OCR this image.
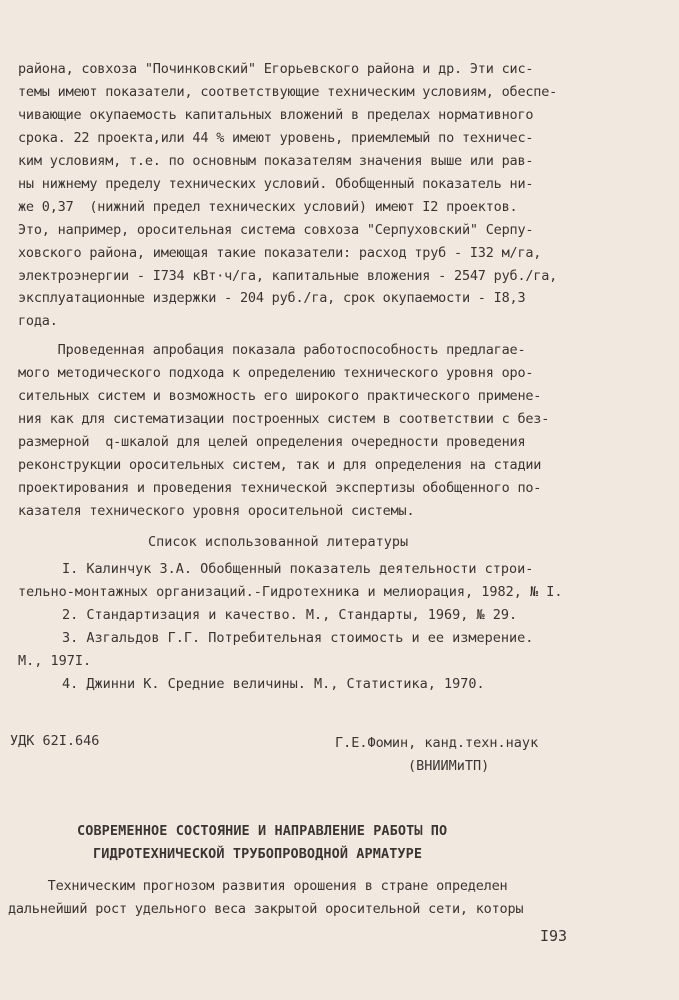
района, совхоза "Починковский" Егорьевского района и др. Эти сис-

темы имеют показатели, соответствующие техническим условиям, обеспе-

чивающие окупаемость капитальных вложений в пределах нормативного

срока. 22 проекта,или 44 % имеют уровень, приемлемый по техничес-

ким условиям, т.е. по основным показателям значения выше или рав-

ны нижнему пределу технических условий. Обобщенный показатель ни-

же 0,37  (нижний предел технических условий) имеют I2 проектов.

Это, например, оросительная система совхоза "Серпуховский" Серпу-

ховского района, имеющая такие показатели: расход труб - I32 м/га,

электроэнергии - I734 кВт·ч/га, капитальные вложения - 2547 руб./га,

эксплуатационные издержки - 204 руб./га, срок окупаемости - I8,3

года.

Проведенная апробация показала работоспособность предлагае-

мого методического подхода к определению технического уровня оро-

сительных систем и возможность его широкого практического примене-

ния как для систематизации построенных систем в соответствии с без-

размерной  q-шкалой для целей определения очередности проведения

реконструкции оросительных систем, так и для определения на стадии

проектирования и проведения технической экспертизы обобщенного по-

казателя технического уровня оросительной системы.

Список использованной литературы

I. Калинчук З.А. Обобщенный показатель деятельности строи-

тельно-монтажных организаций.-Гидротехника и мелиорация, 1982, № I.

2. Стандартизация и качество. М., Стандарты, 1969, № 29.

3. Азгальдов Г.Г. Потребительная стоимость и ее измерение.

М., 197I.

4. Джинни К. Средние величины. М., Статистика, 1970.

УДК 62I.646	Г.Е.Фомин, канд.техн.наук

(ВНИИМиТП)

СОВРЕМЕННОЕ СОСТОЯНИЕ И НАПРАВЛЕНИЕ РАБОТЫ ПО

ГИДРОТЕХНИЧЕСКОЙ ТРУБОПРОВОДНОЙ АРМАТУРЕ

Техническим прогнозом развития орошения в стране определен

дальнейший рост удельного веса закрытой оросительной сети, которы

I93
